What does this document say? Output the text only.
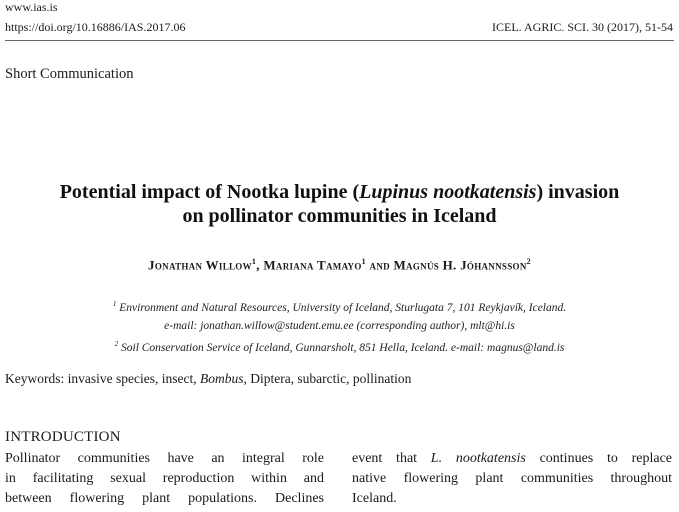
www.ias.is
https://doi.org/10.16886/IAS.2017.06	ICEL. AGRIC. SCI. 30 (2017), 51-54
Short Communication
Potential impact of Nootka lupine (Lupinus nootkatensis) invasion
on pollinator communities in Iceland
Jonathan Willow$^1$, Mariana Tamayo$^1$ and Magnús H. Jóhannsson$^2$
$^1$ Environment and Natural Resources, University of Iceland, Sturlugata 7, 101 Reykjavík, Iceland.
e-mail: jonathan.willow@student.emu.ee (corresponding author), mlt@hi.is
$^2$ Soil Conservation Service of Iceland, Gunnarsholt, 851 Hella, Iceland. e-mail: magnus@land.is
Keywords: invasive species, insect, Bombus, Diptera, subarctic, pollination
INTRODUCTION
Pollinator communities have an integral role
in facilitating sexual reproduction within and
between flowering plant populations. Declines
event that L. nootkatensis continues to replace
native flowering plant communities throughout
Iceland.
